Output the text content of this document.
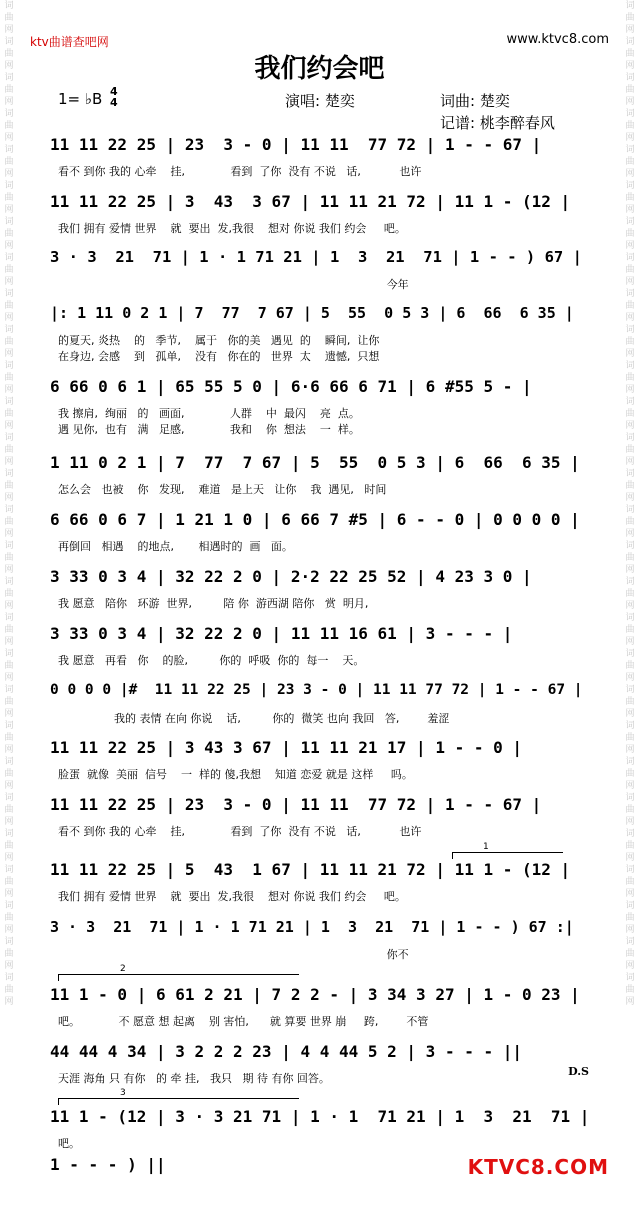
词曲网词曲网词曲网词曲网词曲网词曲网词曲网词曲网词曲网词曲网词曲网词曲网词曲网词曲网词曲网词曲网词曲网词曲网词曲网词曲网词曲网词曲网词曲网词曲网词曲网词曲网词曲网词曲网
词曲网词曲网词曲网词曲网词曲网词曲网词曲网词曲网词曲网词曲网词曲网词曲网词曲网词曲网词曲网词曲网词曲网词曲网词曲网词曲网词曲网词曲网词曲网词曲网词曲网词曲网词曲网词曲网
ktv曲谱查吧网	www.ktvc8.com
我们约会吧
1= ♭B 4
4	演唱: 楚奕	词曲: 楚奕
记谱: 桃李醉春风
11 11 22 25 | 23  3 - 0 | 11 11  77 72 | 1 - - 67 |
看不 到你 我的 心牵    挂,             看到  了你  没有 不说   话,           也许
11 11 22 25 | 3  43  3 67 | 11 11 21 72 | 11 1 - (12 |
我们 拥有 爱情 世界    就  要出  发,我很    想对 你说 我们 约会     吧。
3 · 3  21  71 | 1 · 1 71 21 | 1  3  21  71 | 1 - - ) 67 |
今年
|: 1 11 0 2 1 | 7  77  7 67 | 5  55  0 5 3 | 6  66  6 35 |
的夏天, 炎热    的   季节,    属于   你的美   遇见  的    瞬间,  让你
在身边, 会感    到   孤单,    没有   你在的   世界  太    遗憾,  只想
6 66 0 6 1 | 65 55 5 0 | 6·6 66 6 71 | 6 #55 5 - |
我 擦肩,  绚丽   的   画面,             人群    中  最闪    亮  点。
遇 见你,  也有   满   足感,             我和    你  想法    一  样。
1 11 0 2 1 | 7  77  7 67 | 5  55  0 5 3 | 6  66  6 35 |
怎么会   也被    你   发现,    难道   是上天   让你    我  遇见,   时间
6 66 0 6 7 | 1 21 1 0 | 6 66 7 #5 | 6 - - 0 | 0 0 0 0 |
再倒回   相遇    的地点,       相遇时的  画   面。
3 33 0 3 4 | 32 22 2 0 | 2·2 22 25 52 | 4 23 3 0 |
我 愿意   陪你   环游  世界,         陪 你  游西湖 陪你   赏  明月,
3 33 0 3 4 | 32 22 2 0 | 11 11 16 61 | 3 - - - |
我 愿意   再看   你    的脸,         你的  呼吸  你的  每一    天。
0 0 0 0 |#  11 11 22 25 | 23 3 - 0 | 11 11 77 72 | 1 - - 67 |
我的 表情 在向 你说    话,         你的  微笑 也向 我回   答,        羞涩
11 11 22 25 | 3 43 3 67 | 11 11 21 17 | 1 - - 0 |
脸蛋  就像  美丽  信号    一  样的 傻,我想    知道 恋爱 就是 这样     吗。
11 11 22 25 | 23  3 - 0 | 11 11  77 72 | 1 - - 67 |
看不 到你 我的 心牵    挂,             看到  了你  没有 不说   话,           也许
11 11 22 25 | 5  43  1 67 | 11 11 21 72 | 11 1 - (12 |
我们 拥有 爱情 世界    就  要出  发,我很    想对 你说 我们 约会     吧。
3 · 3  21  71 | 1 · 1 71 21 | 1  3  21  71 | 1 - - ) 67 :|
你不
11 1 - 0 | 6 61 2 21 | 7 2 2 - | 3 34 3 27 | 1 - 0 23 |
吧。           不 愿意 想 起离    别 害怕,      就 算要 世界 崩     跨,        不管
44 44 4 34 | 3 2 2 2 23 | 4 4 44 5 2 | 3 - - - ||
天涯 海角 只 有你   的 牵 挂,   我只   期 待 有你 回答。
11 1 - (12 | 3 · 3 21 71 | 1 · 1  71 21 | 1  3  21  71 |
吧。
1 - - - ) ||
D.S
1
2
3
KTVC8.COM
